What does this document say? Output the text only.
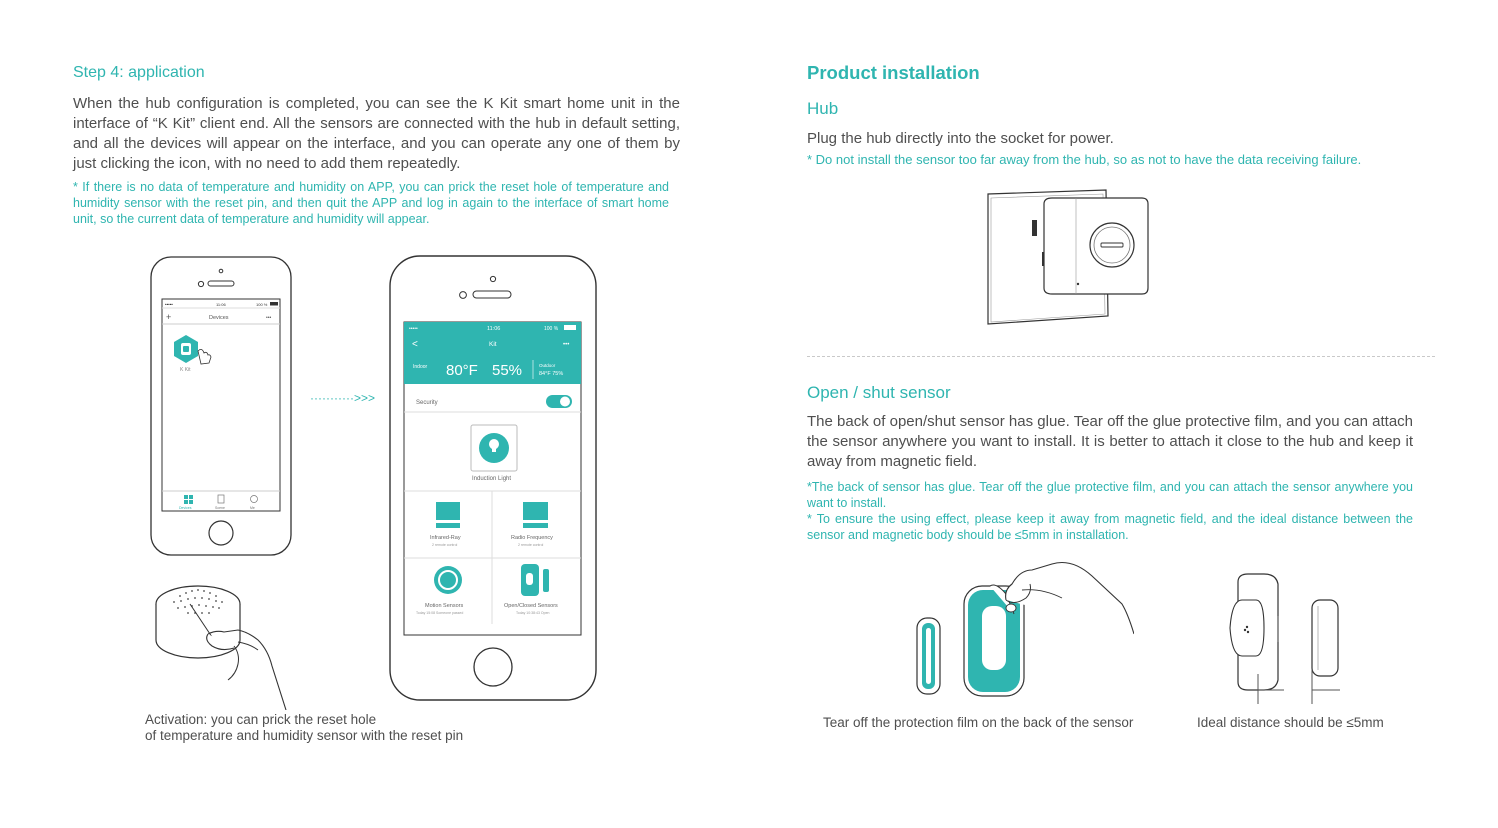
Step 4: application
When the hub configuration is completed, you can see the K Kit smart home unit in the interface of “K Kit” client end. All the sensors are connected with the hub in default setting, and all the devices will appear on the interface, and you can operate any one of them by just clicking the icon, with no need to add them repeatedly.
* If there is no data of temperature and humidity on APP, you can prick the reset hole of temperature and humidity sensor with the reset pin, and then quit the APP and log in again to the interface of smart home unit, so the current data of temperature and humidity will appear.
•••••	11:06	100 %
+	Devices	•••
K Kit
Devices	Scene	Me
···········>>>
•••••	11:06	100 %
<	Kit	•••
Indoor 80°F 55%	Outdoor
84°F 75%
Security
Induction Light
Infrared-Ray
2 remote control
Radio Frequency
2 remote control
Motion Sensors
Today 15:08 Someone passed
Open/Closed Sensors
Today 10:38:43 Open
Activation: you can prick the reset hole
of temperature and humidity sensor with the reset pin
Product installation
Hub
Plug the hub directly into the socket for power.
* Do not install the sensor too far away from the hub, so as not to have the data receiving failure.
Open / shut sensor
The back of open/shut sensor has glue. Tear off the glue protective film, and you can attach the sensor anywhere you want to install. It is better to attach it close to the hub and keep it away from magnetic field.
*The back of sensor has glue. Tear off the glue protective film, and you can attach the sensor anywhere you want to install.
* To ensure the using effect, please keep it away from magnetic field, and the ideal distance between the sensor and magnetic body should be ≤5mm in installation.
Tear off the protection film on the back of the sensor	Ideal distance should be ≤5mm
